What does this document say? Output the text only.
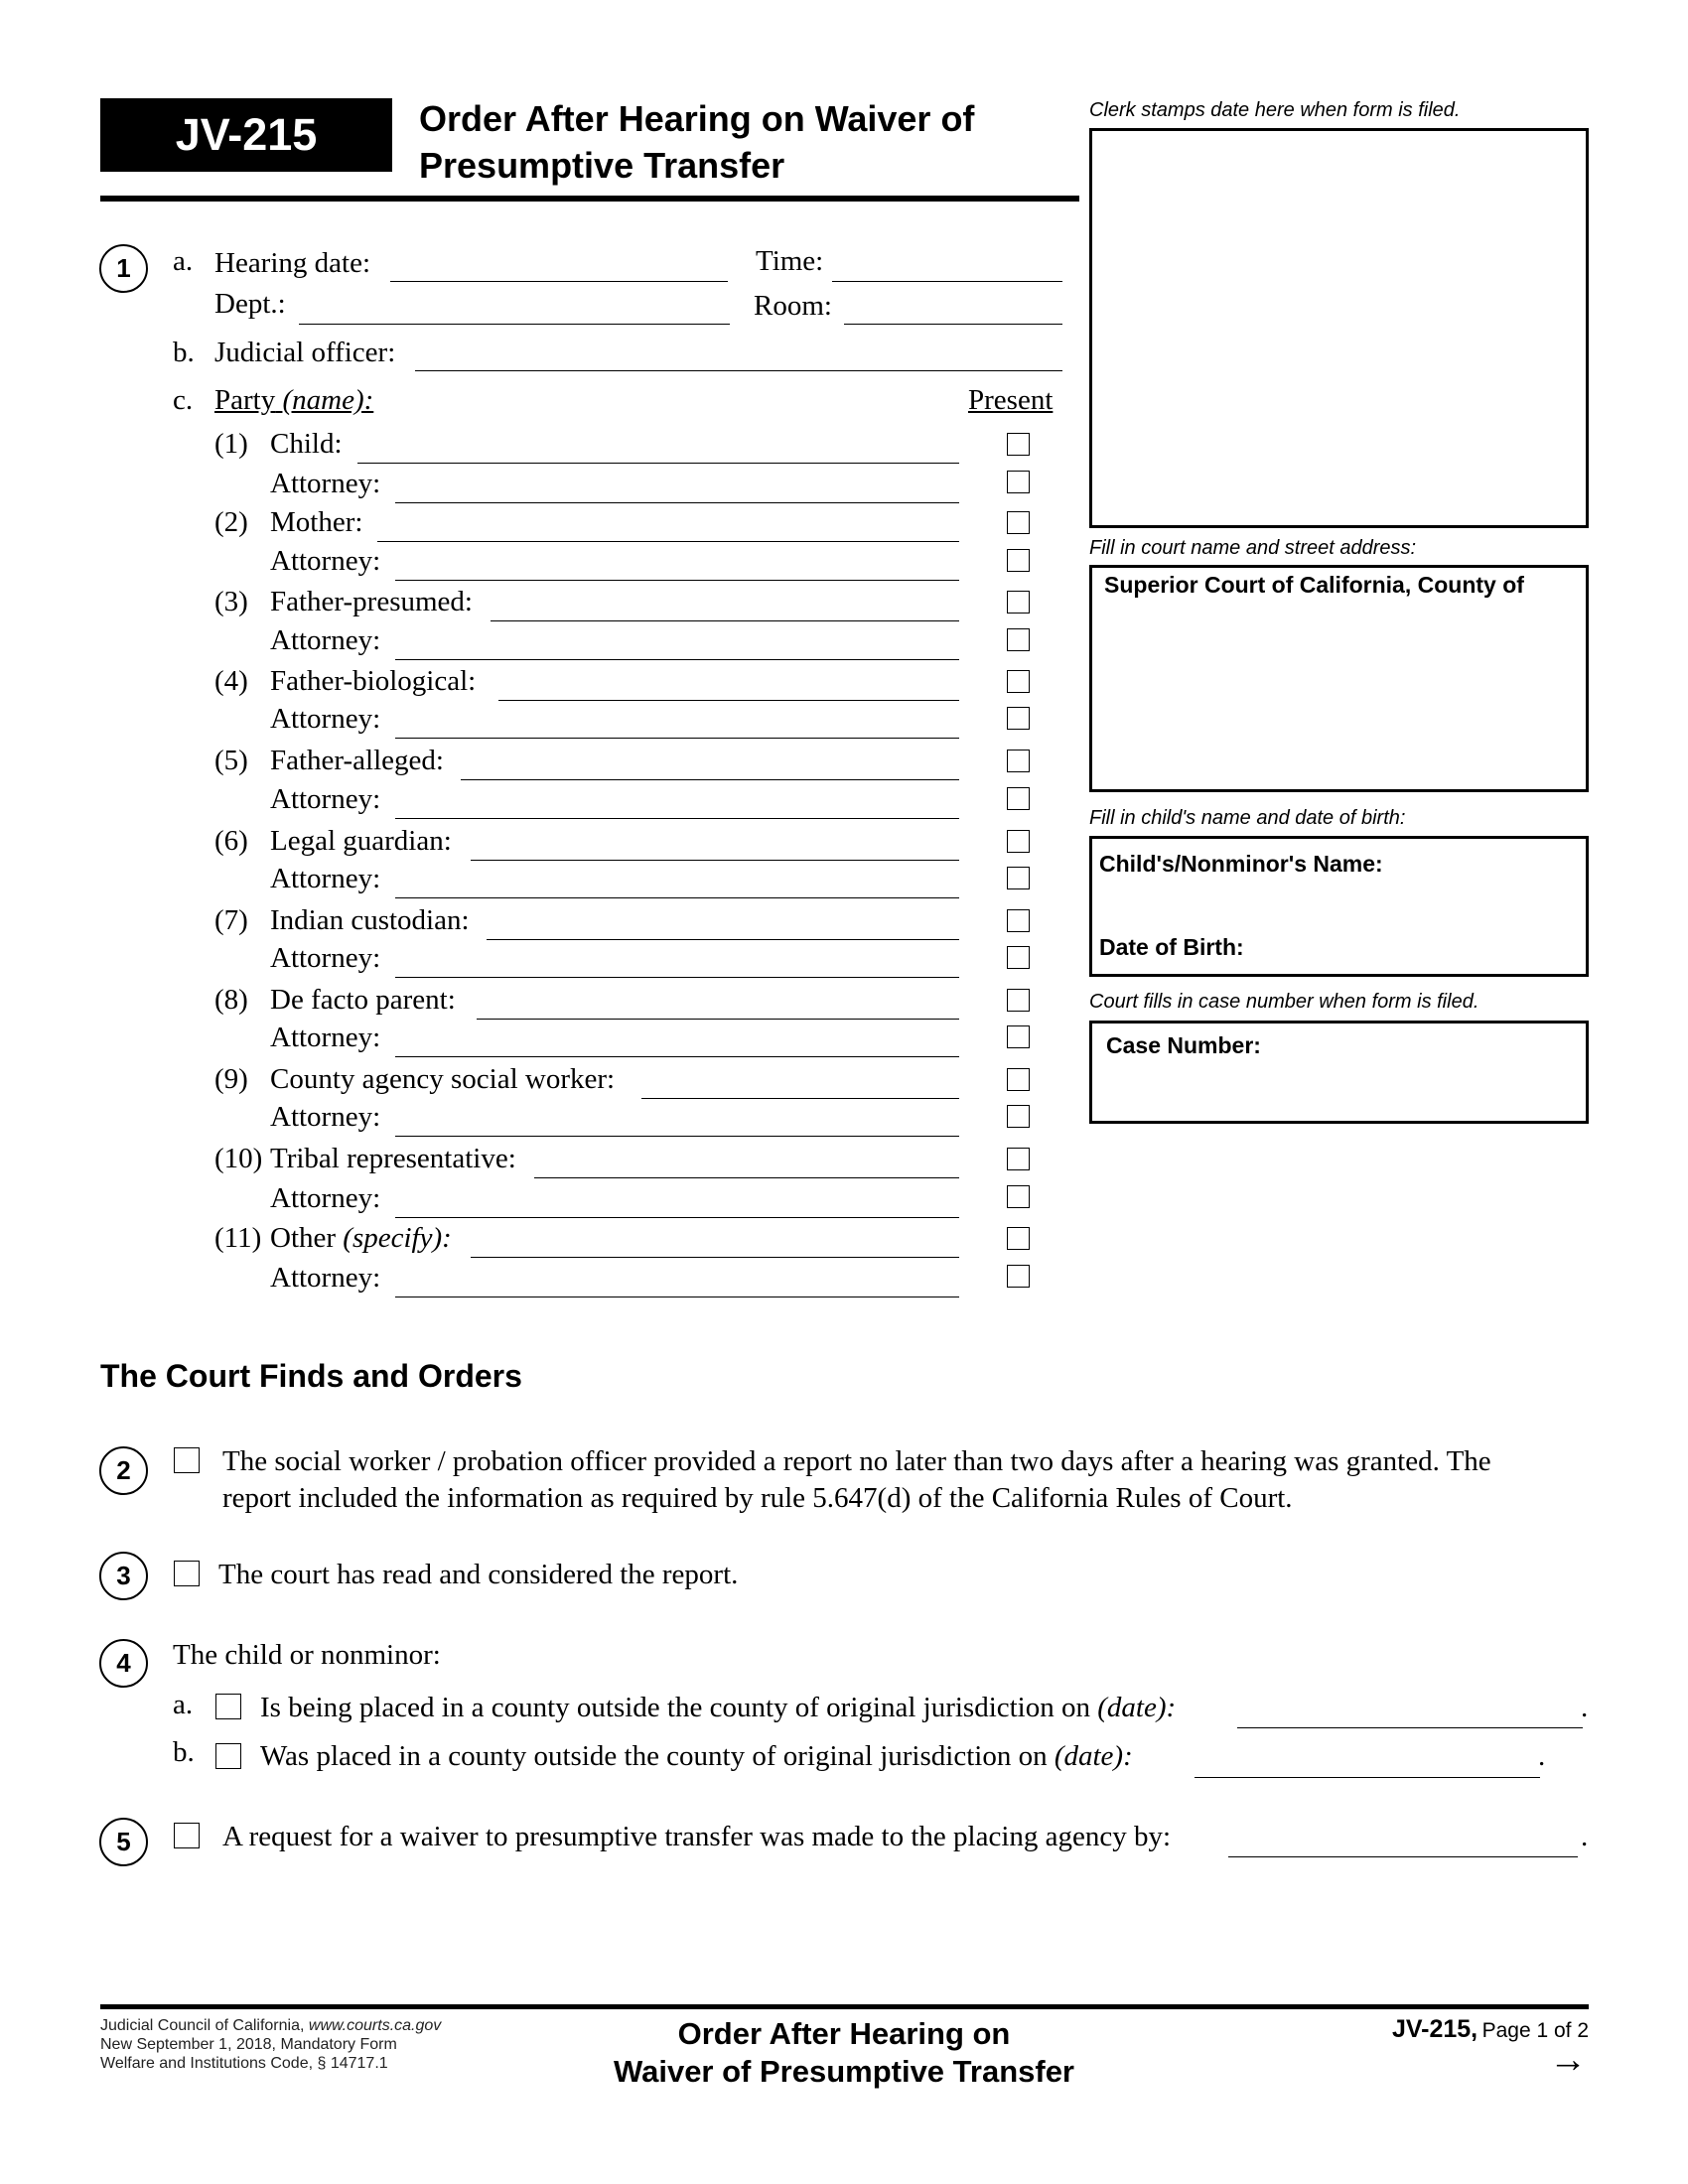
JV-215	Order After Hearing on Waiver of
Presumptive Transfer
Clerk stamps date here when form is filed.
Fill in court name and street address:
Superior Court of California, County of
Fill in child's name and date of birth:
Child's/Nonminor's Name:
Date of Birth:
Court fills in case number when form is filed.
Case Number:
1	a. Hearing date:	Time:
Dept.:	Room:
b. Judicial officer:
c. Party (name):	Present
(1) Child:
Attorney:
(2) Mother:
Attorney:
(3) Father-presumed:
Attorney:
(4) Father-biological:
Attorney:
(5) Father-alleged:
Attorney:
(6) Legal guardian:
Attorney:
(7) Indian custodian:
Attorney:
(8) De facto parent:
Attorney:
(9) County agency social worker:
Attorney:
(10) Tribal representative:
Attorney:
(11) Other (specify):
Attorney:
The Court Finds and Orders
2	The social worker / probation officer provided a report no later than two days after a hearing was granted. The
report included the information as required by rule 5.647(d) of the California Rules of Court.
3	The court has read and considered the report.
4	The child or nonminor:
a. Is being placed in a county outside the county of original jurisdiction on (date):	.
b. Was placed in a county outside the county of original jurisdiction on (date):	.
5	A request for a waiver to presumptive transfer was made to the placing agency by:	.
Judicial Council of California, www.courts.ca.gov
New September 1, 2018, Mandatory Form
Welfare and Institutions Code, § 14717.1
Order After Hearing on
Waiver of Presumptive Transfer
JV-215, Page 1 of 2
→
